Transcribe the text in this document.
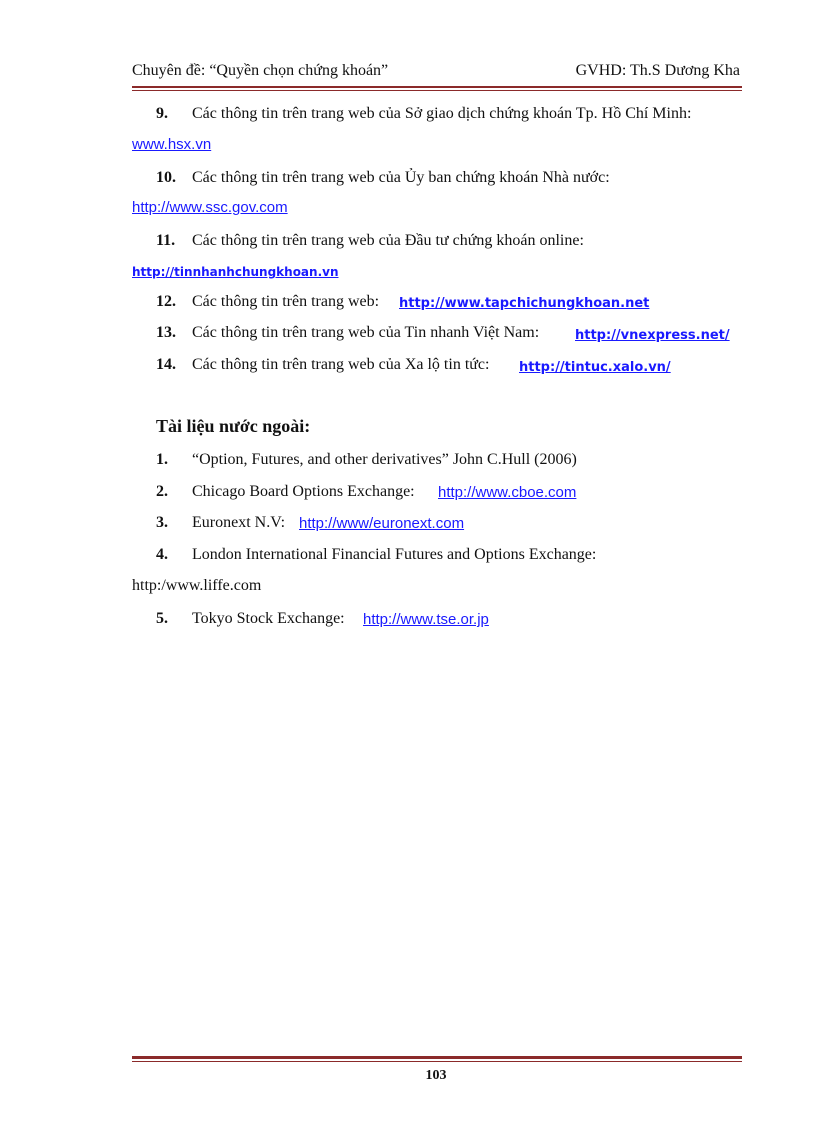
Chuyên đề: “Quyền chọn chứng khoán”	GVHD: Th.S Dương Kha
9. Các thông tin trên trang web của Sở giao dịch chứng khoán Tp. Hồ Chí Minh:
www.hsx.vn
10. Các thông tin trên trang web của Ủy ban chứng khoán Nhà nước:
http://www.ssc.gov.com
11. Các thông tin trên trang web của Đầu tư chứng khoán online:
http://tinnhanhchungkhoan.vn
12. Các thông tin trên trang web: http://www.tapchichungkhoan.net
13. Các thông tin trên trang web của Tin nhanh Việt Nam:	http://vnexpress.net/
14. Các thông tin trên trang web của Xa lộ tin tức: http://tintuc.xalo.vn/
Tài liệu nước ngoài:
1. “Option, Futures, and other derivatives” John C.Hull (2006)
2. Chicago Board Options Exchange: http://www.cboe.com
3. Euronext N.V: http://www/euronext.com
4. London International Financial Futures and Options Exchange:
http:/www.liffe.com
5. Tokyo Stock Exchange: http://www.tse.or.jp
103
